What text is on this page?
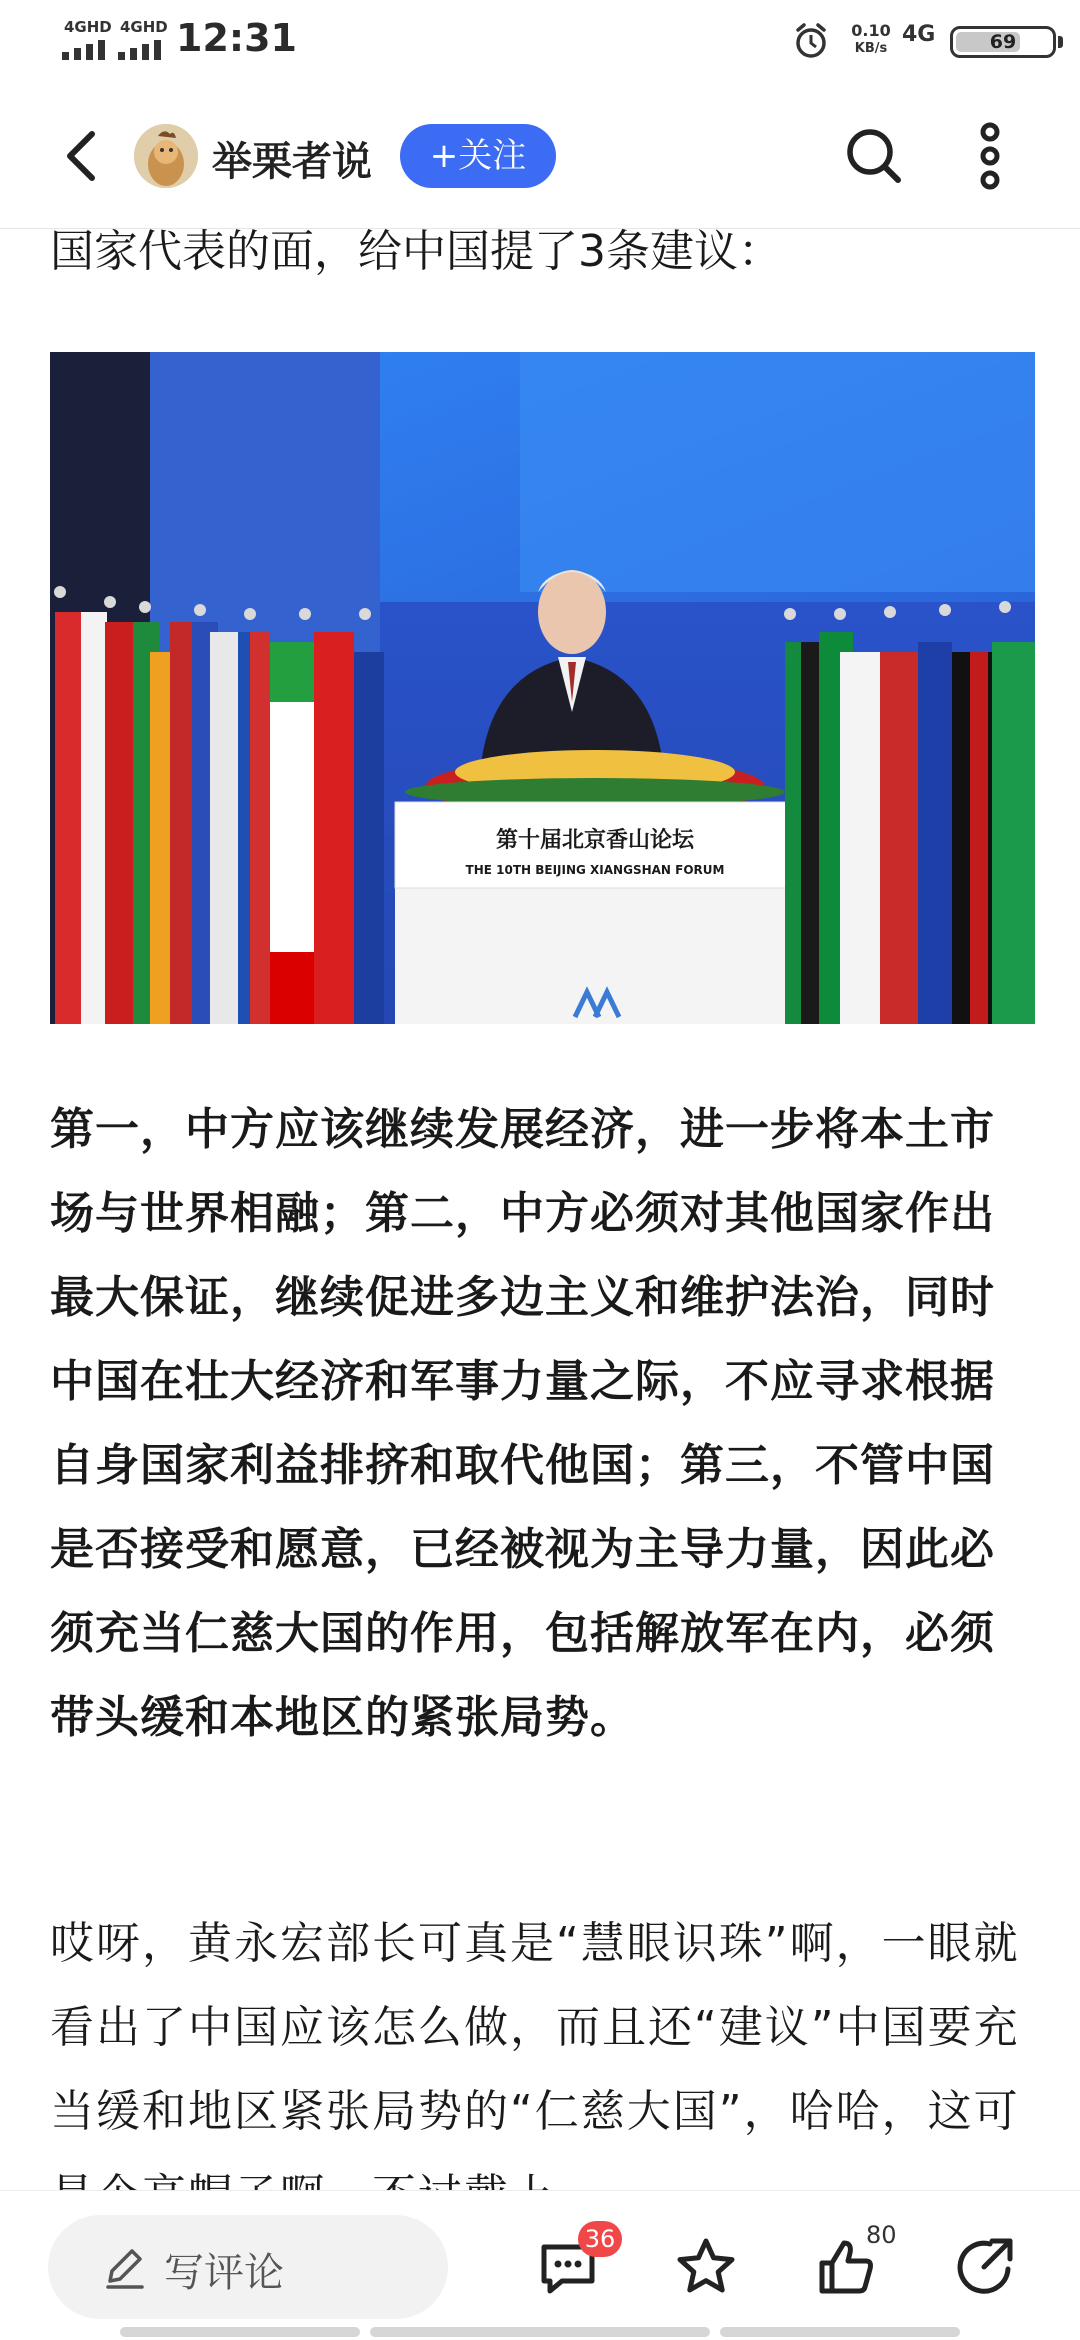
4GHD 4GHD 12:31	0.10
KB/s
4G	69
举栗者说	+关注

国家代表的面，给中国提了3条建议：

第十届北京香山论坛
THE 10TH BEIJING XIANGSHAN FORUM

第一，中方应该继续发展经济，进一步将本土市场与世界相融；第二，中方必须对其他国家作出最大保证，继续促进多边主义和维护法治，同时中国在壮大经济和军事力量之际，不应寻求根据自身国家利益排挤和取代他国；第三，不管中国是否接受和愿意，已经被视为主导力量，因此必须充当仁慈大国的作用，包括解放军在内，必须带头缓和本地区的紧张局势。

哎呀，黄永宏部长可真是“慧眼识珠”啊，一眼就看出了中国应该怎么做，而且还“建议”中国要充当缓和地区紧张局势的“仁慈大国”，哈哈，这可

写评论
36	80
